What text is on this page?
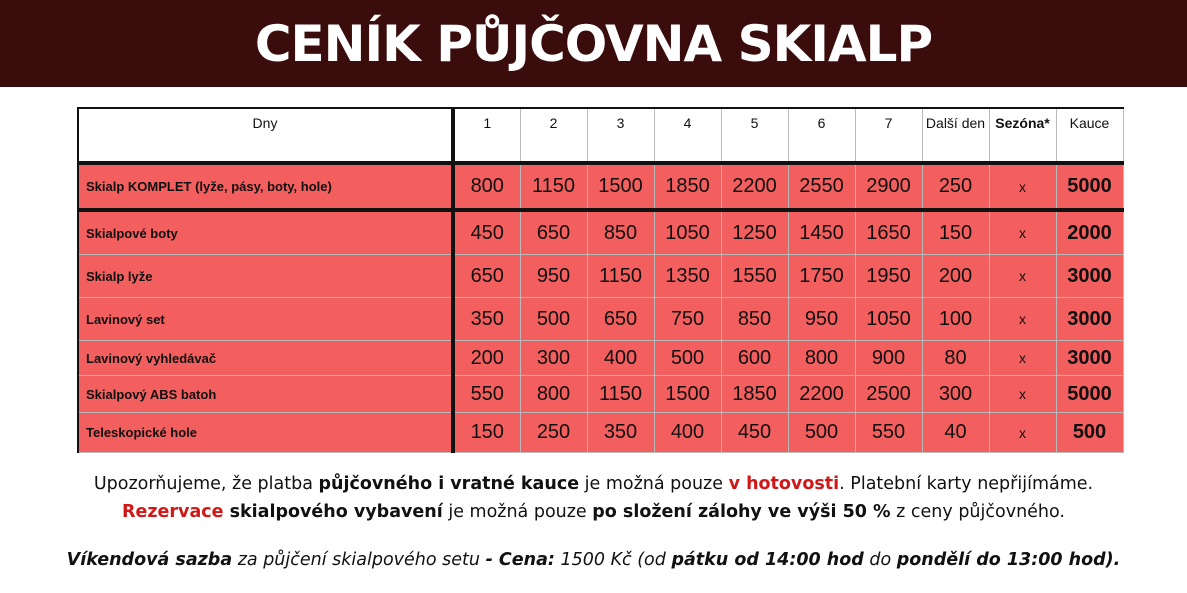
CENÍK PŮJČOVNA SKIALP
Dny	1	2	3	4	5	6	7	Další den	Sezóna*	Kauce
Skialp KOMPLET (lyže, pásy, boty, hole)	800	1150	1500	1850	2200	2550	2900	250	x	5000
Skialpové boty	450	650	850	1050	1250	1450	1650	150	x	2000
Skialp lyže	650	950	1150	1350	1550	1750	1950	200	x	3000
Lavinový set	350	500	650	750	850	950	1050	100	x	3000
Lavinový vyhledávač	200	300	400	500	600	800	900	80	x	3000
Skialpový ABS batoh	550	800	1150	1500	1850	2200	2500	300	x	5000
Teleskopické hole	150	250	350	400	450	500	550	40	x	500
Upozorňujeme, že platba půjčovného i vratné kauce je možná pouze v hotovosti. Platební karty nepřijímáme.
Rezervace skialpového vybavení je možná pouze po složení zálohy ve výši 50 % z ceny půjčovného.
Víkendová sazba za půjčení skialpového setu - Cena: 1500 Kč (od pátku od 14:00 hod do pondělí do 13:00 hod).
